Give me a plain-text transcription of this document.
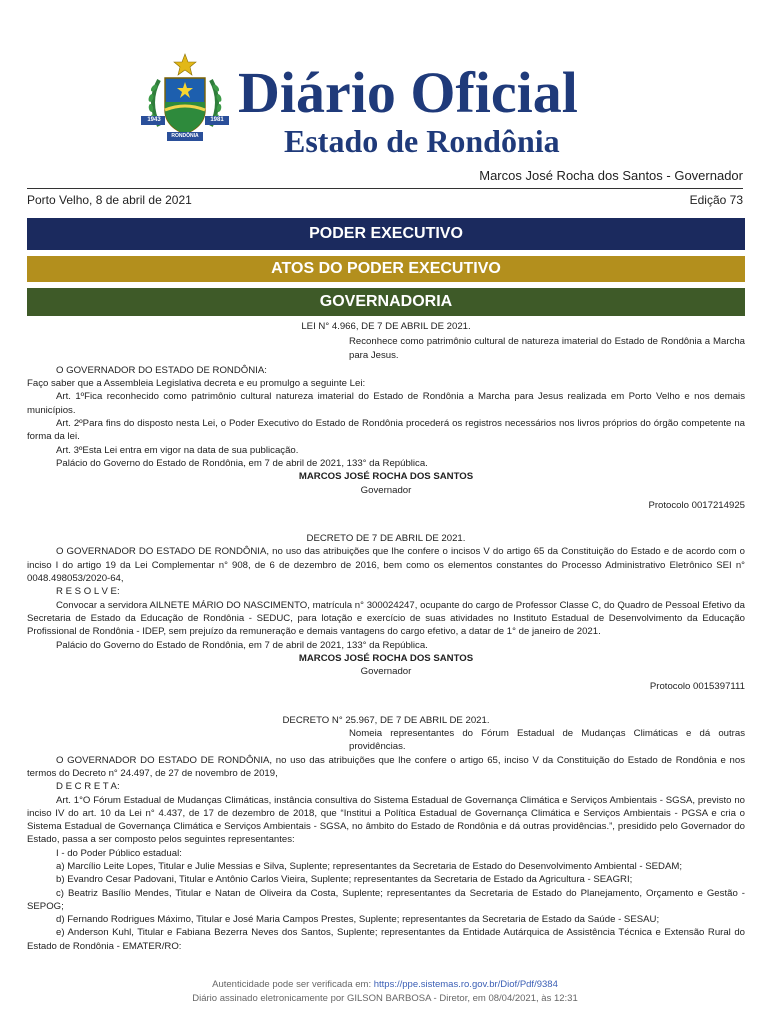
1943	1981
RONDÔNIA
Diário Oficial
Estado de Rondônia
Marcos José Rocha dos Santos - Governador
Porto Velho, 8 de abril de 2021	Edição 73
PODER EXECUTIVO
ATOS DO PODER EXECUTIVO
GOVERNADORIA

LEI N° 4.966, DE 7 DE ABRIL DE 2021.

Reconhece como patrimônio cultural de natureza imaterial do Estado de Rondônia a Marcha para Jesus.

O GOVERNADOR DO ESTADO DE RONDÔNIA:

Faço saber que a Assembleia Legislativa decreta e eu promulgo a seguinte Lei:

Art. 1ºFica reconhecido como patrimônio cultural natureza imaterial do Estado de Rondônia a Marcha para Jesus realizada em Porto Velho e nos demais municípios.

Art. 2ºPara fins do disposto nesta Lei, o Poder Executivo do Estado de Rondônia procederá os registros necessários nos livros próprios do órgão competente na forma da lei.

Art. 3ºEsta Lei entra em vigor na data de sua publicação.

Palácio do Governo do Estado de Rondônia, em 7 de abril de 2021, 133° da República.

MARCOS JOSÉ ROCHA DOS SANTOS

Governador

Protocolo 0017214925

DECRETO DE 7 DE ABRIL DE 2021.

O GOVERNADOR DO ESTADO DE RONDÔNIA, no uso das atribuições que lhe confere o incisos V do artigo 65 da Constituição do Estado e de acordo com o inciso I do artigo 19 da Lei Complementar n° 908, de 6 de dezembro de 2016, bem como os elementos constantes do Processo Administrativo Eletrônico SEI n° 0048.498053/2020-64,

R E S O L V E:

Convocar a servidora AILNETE MÁRIO DO NASCIMENTO, matrícula n° 300024247, ocupante do cargo de Professor Classe C, do Quadro de Pessoal Efetivo da Secretaria de Estado da Educação de Rondônia - SEDUC, para lotação e exercício de suas atividades no Instituto Estadual de Desenvolvimento da Educação Profissional de Rondônia - IDEP, sem prejuízo da remuneração e demais vantagens do cargo efetivo, a datar de 1° de janeiro de 2021.

Palácio do Governo do Estado de Rondônia, em 7 de abril de 2021, 133° da República.

MARCOS JOSÉ ROCHA DOS SANTOS

Governador

Protocolo 0015397111

DECRETO N° 25.967, DE 7 DE ABRIL DE 2021.

Nomeia representantes do Fórum Estadual de Mudanças Climáticas e dá outras providências.

O GOVERNADOR DO ESTADO DE RONDÔNIA, no uso das atribuições que lhe confere o artigo 65, inciso V da Constituição do Estado de Rondônia e nos termos do Decreto n° 24.497, de 27 de novembro de 2019,

D E C R E T A:

Art. 1°O Fórum Estadual de Mudanças Climáticas, instância consultiva do Sistema Estadual de Governança Climática e Serviços Ambientais - SGSA, previsto no inciso IV do art. 10 da Lei n° 4.437, de 17 de dezembro de 2018, que “Institui a Política Estadual de Governança Climática e Serviços Ambientais - PGSA e cria o Sistema Estadual de Governança Climática e Serviços Ambientais - SGSA, no âmbito do Estado de Rondônia e dá outras providências.”, presidido pelo Governador do Estado, passa a ser composto pelos seguintes representantes:

I - do Poder Público estadual:

a) Marcílio Leite Lopes, Titular e Julie Messias e Silva, Suplente; representantes da Secretaria de Estado do Desenvolvimento Ambiental - SEDAM;

b) Evandro Cesar Padovani, Titular e Antônio Carlos Vieira, Suplente; representantes da Secretaria de Estado da Agricultura - SEAGRI;

c) Beatriz Basílio Mendes, Titular e Natan de Oliveira da Costa, Suplente; representantes da Secretaria de Estado do Planejamento, Orçamento e Gestão - SEPOG;

d) Fernando Rodrigues Máximo, Titular e José Maria Campos Prestes, Suplente; representantes da Secretaria de Estado da Saúde - SESAU;

e) Anderson Kuhl, Titular e Fabiana Bezerra Neves dos Santos, Suplente; representantes da Entidade Autárquica de Assistência Técnica e Extensão Rural do Estado de Rondônia - EMATER/RO:

Autenticidade pode ser verificada em: https://ppe.sistemas.ro.gov.br/Diof/Pdf/9384
Diário assinado eletronicamente por GILSON BARBOSA - Diretor, em 08/04/2021, às 12:31
